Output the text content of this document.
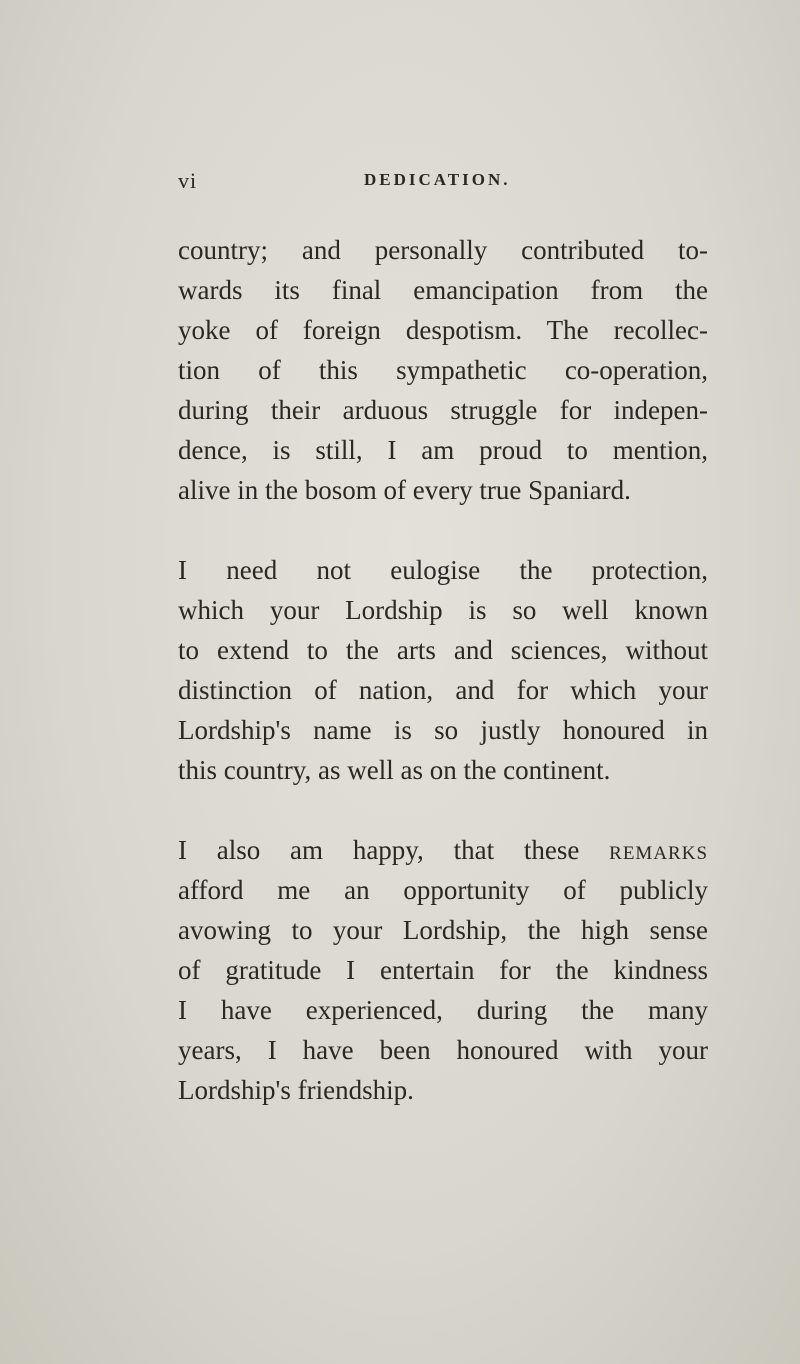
vi	DEDICATION.

country; and personally contributed to-
wards its final emancipation from the
yoke of foreign despotism. The recollec-
tion of this sympathetic co-operation,
during their arduous struggle for indepen-
dence, is still, I am proud to mention,
alive in the bosom of every true Spaniard.

I need not eulogise the protection,
which your Lordship is so well known
to extend to the arts and sciences, without
distinction of nation, and for which your
Lordship's name is so justly honoured in
this country, as well as on the continent.

I also am happy, that these remarks
afford me an opportunity of publicly
avowing to your Lordship, the high sense
of gratitude I entertain for the kindness
I have experienced, during the many
years, I have been honoured with your
Lordship's friendship.
